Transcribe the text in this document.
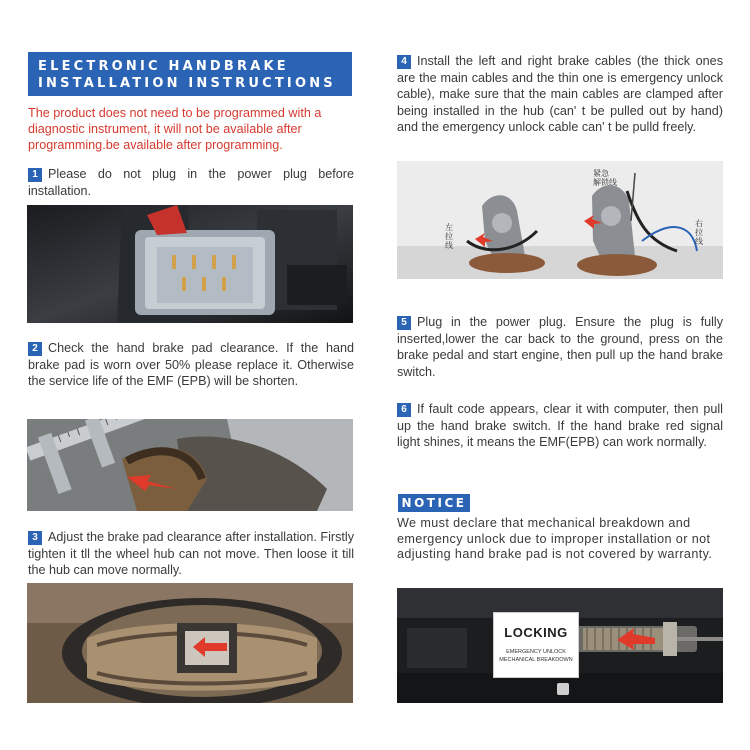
ELECTRONIC HANDBRAKE
INSTALLATION INSTRUCTIONS
The product does not need to be programmed with a diagnostic instrument, it will not be available after programming.be available after programming.
1 Please do not plug in the power plug before installation.
2 Check the hand brake pad clearance. If the hand brake pad is worn over 50% please replace it. Otherwise the service life of the EMF (EPB) will be shorten.
3 Adjust the brake pad clearance after installation. Firstly tighten it tll the wheel hub can not move. Then loose it till the hub can move normally.
4 Install the left and right brake cables (the thick ones are the main cables and the thin one is emergency unlock cable), make sure that the main cables are clamped after being installed in the hub (can' t be pulled out by hand) and the emergency unlock cable can' t be pulld freely.
紧急
解锁线
左拉线
右拉线
5 Plug in the power plug. Ensure the plug is fully inserted,lower the car back to the ground, press on the brake pedal and start engine, then pull up the hand brake switch.
6 If fault code appears, clear it with computer, then pull up the hand brake switch. If the hand brake red signal light shines, it means the EMF(EPB) can work normally.
NOTICE
We must declare that mechanical breakdown and emergency unlock due to improper installation or not adjusting hand brake pad is not covered by warranty.
LOCKING
EMERGENCY UNLOCK
MECHANICAL BREAKDOWN
